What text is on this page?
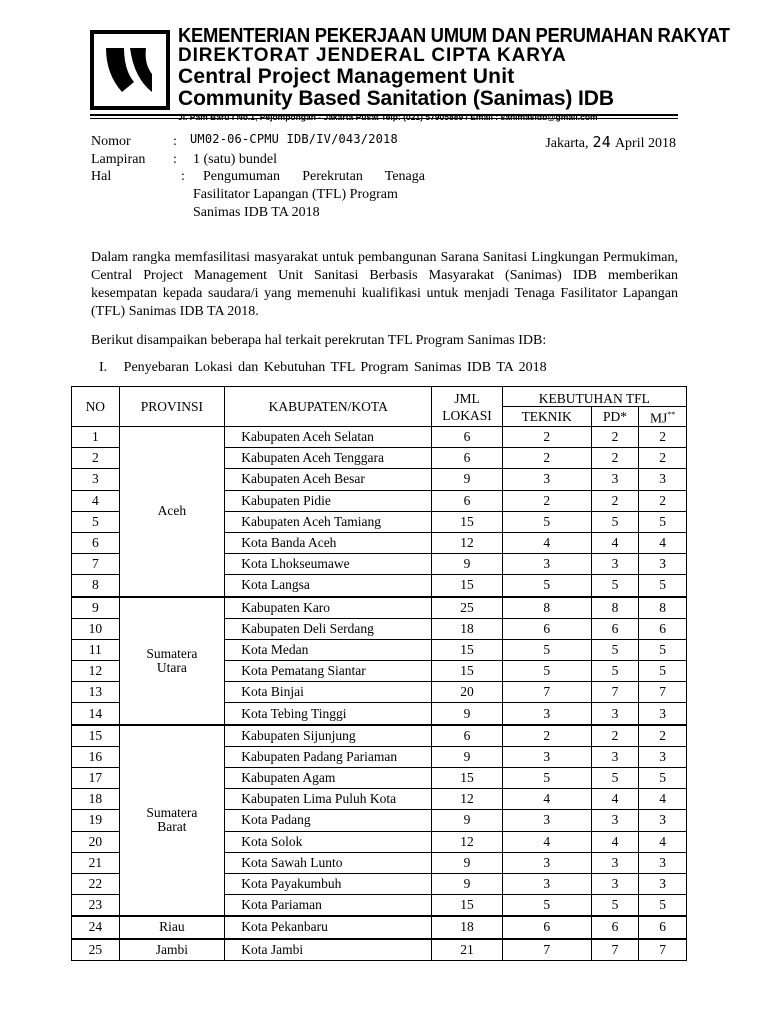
KEMENTERIAN PEKERJAAN UMUM DAN PERUMAHAN RAKYAT
DIREKTORAT JENDERAL CIPTA KARYA
Central Project Management Unit
Community Based Sanitation (Sanimas) IDB
Jl. Pam Baru I No.1, Pejompongan - Jakarta Pusat Telp: (021) 57905889 / Email : sanimasidb@gmail.com
Nomor	: UM02-06-CPMU IDB/IV/043/2018
Lampiran : 1 (satu) bundel
Hal	:	Pengumuman Perekrutan Tenaga
Fasilitator Lapangan (TFL) Program
Sanimas IDB TA 2018
Jakarta, 24 April 2018
Dalam rangka memfasilitasi masyarakat untuk pembangunan Sarana Sanitasi Lingkungan Permukiman, Central Project Management Unit Sanitasi Berbasis Masyarakat (Sanimas) IDB memberikan kesempatan kepada saudara/i yang memenuhi kualifikasi untuk menjadi Tenaga Fasilitator Lapangan (TFL) Sanimas IDB TA 2018.
Berikut disampaikan beberapa hal terkait perekrutan TFL Program Sanimas IDB:
I. Penyebaran Lokasi dan Kebutuhan TFL Program Sanimas IDB TA 2018
NO	PROVINSI	KABUPATEN/KOTA	JML
LOKASI	KEBUTUHAN TFL		
				TEKNIK	PD*	MJ**
1	Aceh	Kabupaten Aceh Selatan	6	2	2	2
2		Kabupaten Aceh Tenggara	6	2	2	2
3		Kabupaten Aceh Besar	9	3	3	3
4		Kabupaten Pidie	6	2	2	2
5		Kabupaten Aceh Tamiang	15	5	5	5
6		Kota Banda Aceh	12	4	4	4
7		Kota Lhokseumawe	9	3	3	3
8		Kota Langsa	15	5	5	5
9	Sumatera
Utara	Kabupaten Karo	25	8	8	8
10		Kabupaten Deli Serdang	18	6	6	6
11		Kota Medan	15	5	5	5
12		Kota Pematang Siantar	15	5	5	5
13		Kota Binjai	20	7	7	7
14		Kota Tebing Tinggi	9	3	3	3
15	Sumatera
Barat	Kabupaten Sijunjung	6	2	2	2
16		Kabupaten Padang Pariaman	9	3	3	3
17		Kabupaten Agam	15	5	5	5
18		Kabupaten Lima Puluh Kota	12	4	4	4
19		Kota Padang	9	3	3	3
20		Kota Solok	12	4	4	4
21		Kota Sawah Lunto	9	3	3	3
22		Kota Payakumbuh	9	3	3	3
23		Kota Pariaman	15	5	5	5
24	Riau	Kota Pekanbaru	18	6	6	6
25	Jambi	Kota Jambi	21	7	7	7
